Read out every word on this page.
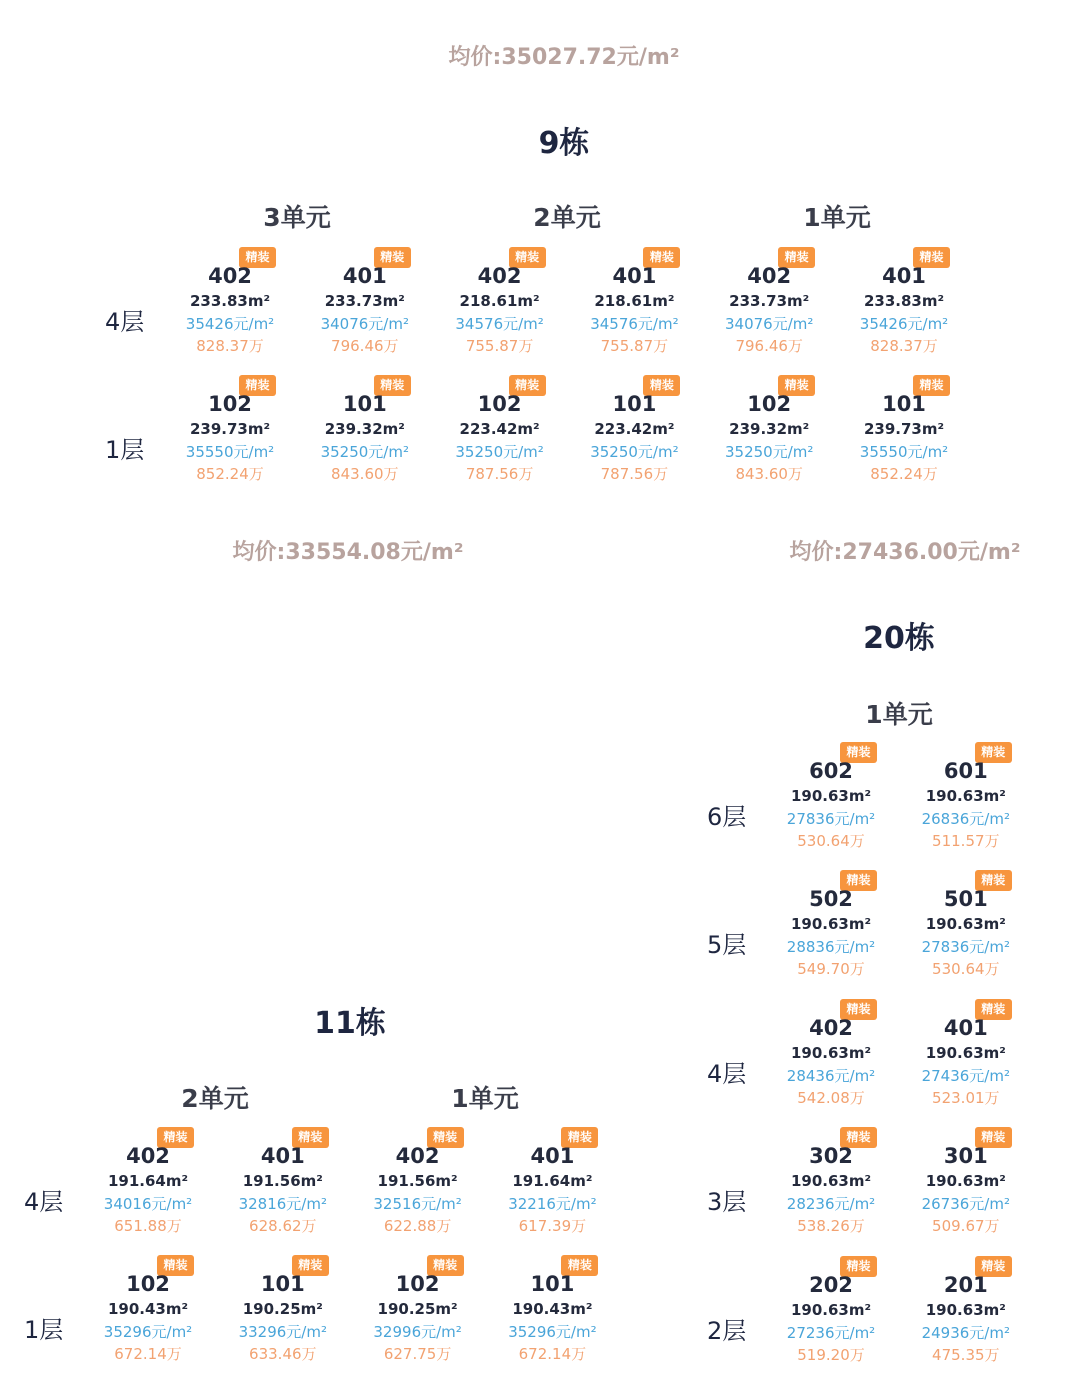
均价:35027.72元/m²
9栋
3单元	2单元	1单元
4层
精装
402
233.83m²
35426元/m²
828.37万
精装
401
233.73m²
34076元/m²
796.46万
精装
402
218.61m²
34576元/m²
755.87万
精装
401
218.61m²
34576元/m²
755.87万
精装
402
233.73m²
34076元/m²
796.46万
精装
401
233.83m²
35426元/m²
828.37万
1层
精装
102
239.73m²
35550元/m²
852.24万
精装
101
239.32m²
35250元/m²
843.60万
精装
102
223.42m²
35250元/m²
787.56万
精装
101
223.42m²
35250元/m²
787.56万
精装
102
239.32m²
35250元/m²
843.60万
精装
101
239.73m²
35550元/m²
852.24万
均价:33554.08元/m²
11栋
2单元	1单元
4层
精装
402
191.64m²
34016元/m²
651.88万
精装
401
191.56m²
32816元/m²
628.62万
精装
402
191.56m²
32516元/m²
622.88万
精装
401
191.64m²
32216元/m²
617.39万
1层
精装
102
190.43m²
35296元/m²
672.14万
精装
101
190.25m²
33296元/m²
633.46万
精装
102
190.25m²
32996元/m²
627.75万
精装
101
190.43m²
35296元/m²
672.14万
均价:27436.00元/m²
20栋
1单元
6层
精装
602
190.63m²
27836元/m²
530.64万
精装
601
190.63m²
26836元/m²
511.57万
5层
精装
502
190.63m²
28836元/m²
549.70万
精装
501
190.63m²
27836元/m²
530.64万
4层
精装
402
190.63m²
28436元/m²
542.08万
精装
401
190.63m²
27436元/m²
523.01万
3层
精装
302
190.63m²
28236元/m²
538.26万
精装
301
190.63m²
26736元/m²
509.67万
2层
精装
202
190.63m²
27236元/m²
519.20万
精装
201
190.63m²
24936元/m²
475.35万
